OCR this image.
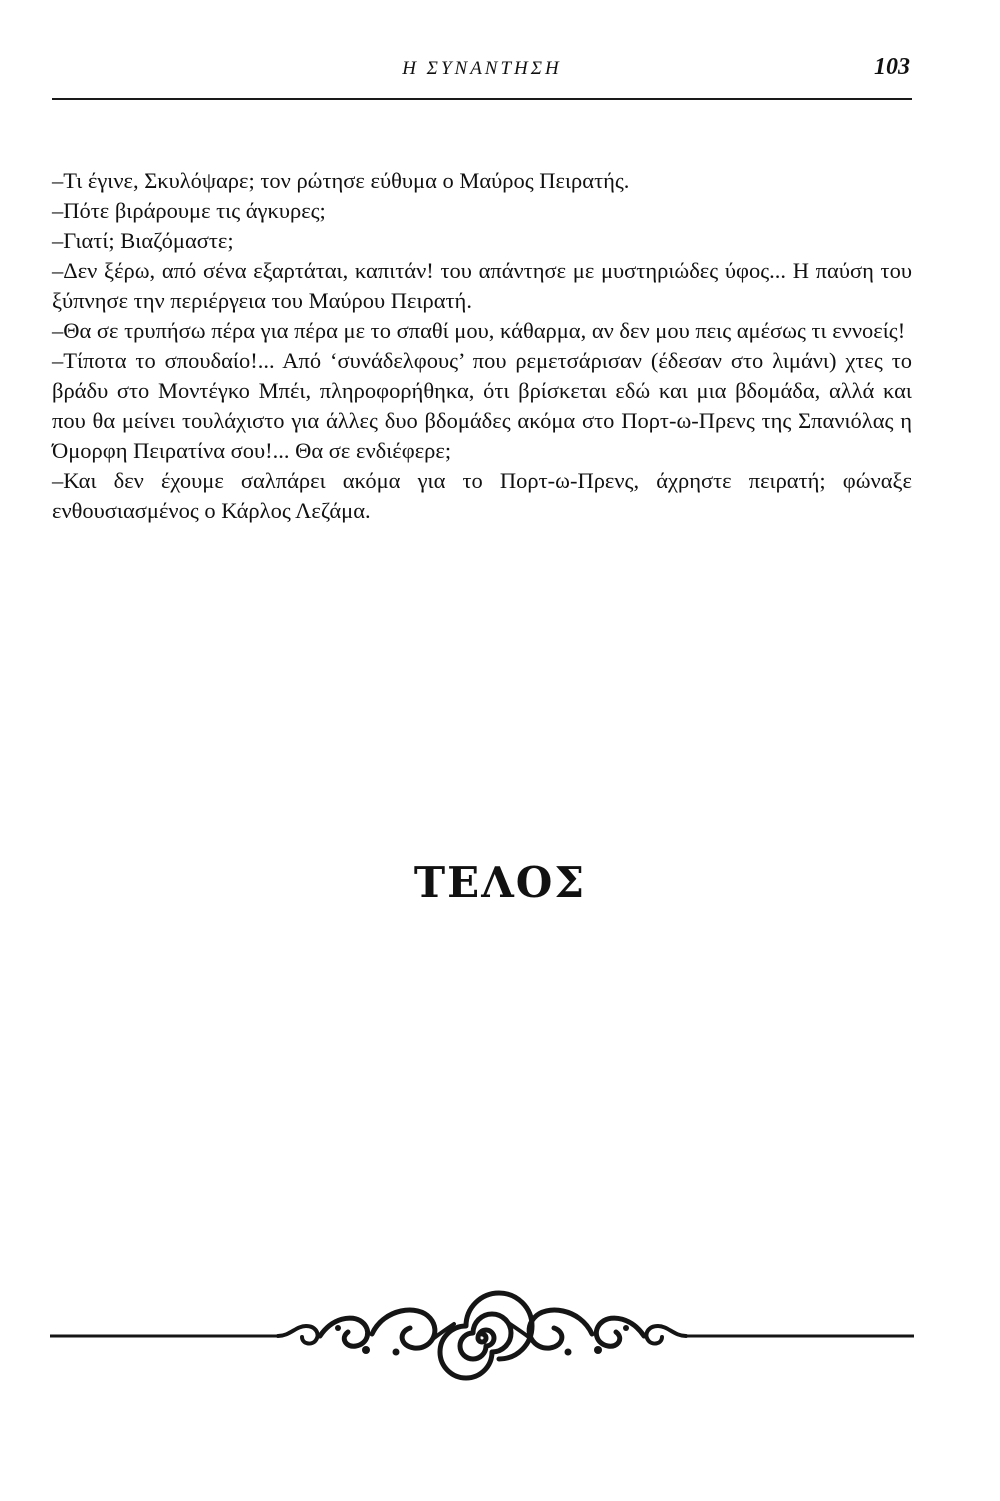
Η ΣΥΝΑΝΤΗΣΗ	103

–Τι έγινε, Σκυλόψαρε; τον ρώτησε εύθυμα ο Μαύρος Πειρατής.

–Πότε βιράρουμε τις άγκυρες;

–Γιατί; Βιαζόμαστε;

–Δεν ξέρω, από σένα εξαρτάται, καπιτάν! του απάντησε με μυστηριώδες ύφος... Η παύση του ξύπνησε την περιέργεια του Μαύρου Πειρατή.

–Θα σε τρυπήσω πέρα για πέρα με το σπαθί μου, κάθαρμα, αν δεν μου πεις αμέσως τι εννοείς!

–Τίποτα το σπουδαίο!... Από ‘συνάδελφους’ που ρεμετσάρισαν (έδεσαν στο λιμάνι) χτες το βράδυ στο Μοντέγκο Μπέι, πληροφορήθηκα, ότι βρίσκεται εδώ και μια βδομάδα, αλλά και που θα μείνει τουλάχιστο για άλλες δυο βδομάδες ακόμα στο Πορτ-ω-Πρενς της Σπανιόλας η Όμορφη Πειρατίνα σου!... Θα σε ενδιέφερε;

–Και δεν έχουμε σαλπάρει ακόμα για το Πορτ-ω-Πρενς, άχρηστε πειρατή; φώναξε ενθουσιασμένος ο Κάρλος Λεζάμα.

ΤΕΛΟΣ
